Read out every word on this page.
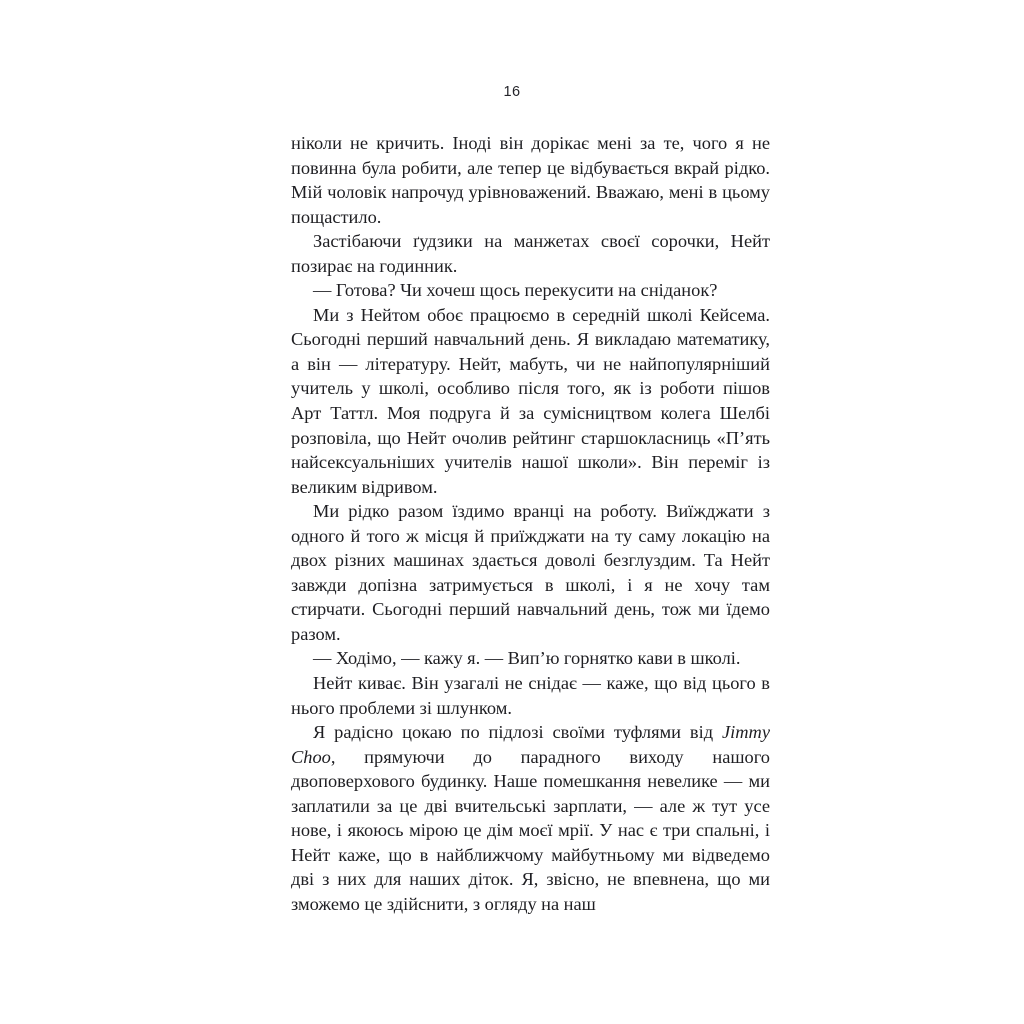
16

ніколи не кричить. Іноді він дорікає мені за те, чого я не повинна була робити, але тепер це відбувається вкрай рідко. Мій чоловік напрочуд урівноважений. Вважаю, мені в цьому пощастило.

Застібаючи ґудзики на манжетах своєї сорочки, Нейт позирає на годинник.

— Готова? Чи хочеш щось перекусити на сніданок?

Ми з Нейтом обоє працюємо в середній школі Кейсема. Сьогодні перший навчальний день. Я викладаю математику, а він — літературу. Нейт, мабуть, чи не найпопулярніший учитель у школі, особливо після того, як із роботи пішов Арт Таттл. Моя подруга й за сумісництвом колега Шелбі розповіла, що Нейт очолив рейтинг старшокласниць «П’ять найсексуальніших учителів нашої школи». Він переміг із великим відривом.

Ми рідко разом їздимо вранці на роботу. Виїжджати з одного й того ж місця й приїжджати на ту саму локацію на двох різних машинах здається доволі безглуздим. Та Нейт завжди допізна затримується в школі, і я не хочу там стирчати. Сьогодні перший навчальний день, тож ми їдемо разом.

— Ходімо, — кажу я. — Вип’ю горнятко кави в школі.

Нейт киває. Він узагалі не снідає — каже, що від цього в нього проблеми зі шлунком.

Я радісно цокаю по підлозі своїми туфлями від Jimmy Choo, прямуючи до парадного виходу нашого двоповерхового будинку. Наше помешкання невелике — ми заплатили за це дві вчительські зарплати, — але ж тут усе нове, і якоюсь мірою це дім моєї мрії. У нас є три спальні, і Нейт каже, що в найближчому майбутньому ми відведемо дві з них для наших діток. Я, звісно, не впевнена, що ми зможемо це здійснити, з огляду на наш
